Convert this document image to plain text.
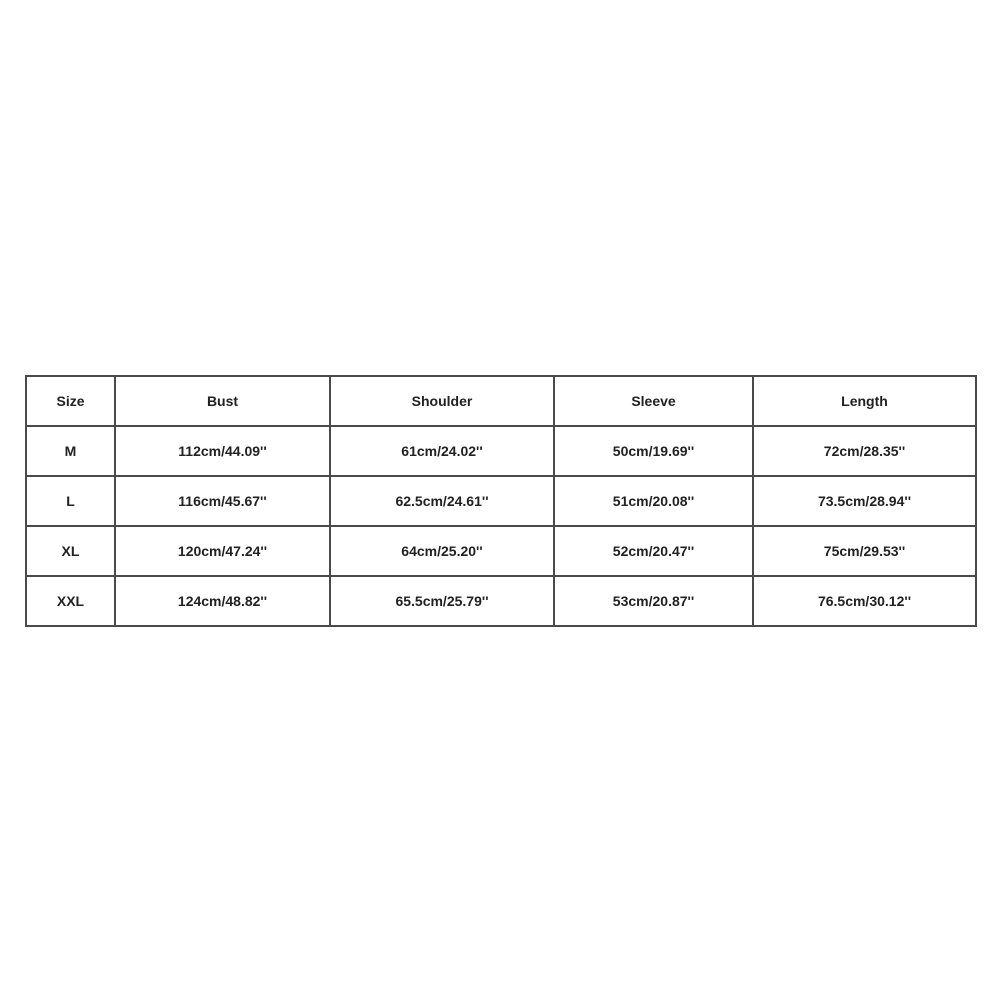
Size	Bust	Shoulder	Sleeve	Length
M	112cm/44.09''	61cm/24.02''	50cm/19.69''	72cm/28.35''
L	116cm/45.67''	62.5cm/24.61''	51cm/20.08''	73.5cm/28.94''
XL	120cm/47.24''	64cm/25.20''	52cm/20.47''	75cm/29.53''
XXL	124cm/48.82''	65.5cm/25.79''	53cm/20.87''	76.5cm/30.12''
